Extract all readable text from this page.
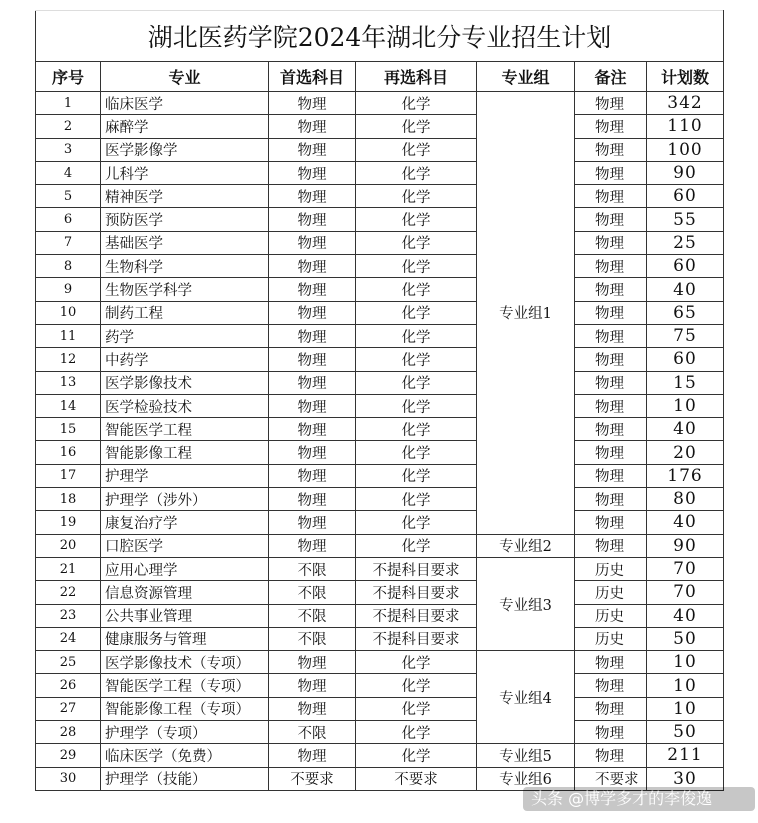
湖北医药学院2024年湖北分专业招生计划						
序号	专业	首选科目	再选科目	专业组	备注	计划数
1	临床医学	物理	化学	专业组1	物理	342
2	麻醉学	物理	化学		物理	110
3	医学影像学	物理	化学		物理	100
4	儿科学	物理	化学		物理	90
5	精神医学	物理	化学		物理	60
6	预防医学	物理	化学		物理	55
7	基础医学	物理	化学		物理	25
8	生物科学	物理	化学		物理	60
9	生物医学科学	物理	化学		物理	40
10	制药工程	物理	化学		物理	65
11	药学	物理	化学		物理	75
12	中药学	物理	化学		物理	60
13	医学影像技术	物理	化学		物理	15
14	医学检验技术	物理	化学		物理	10
15	智能医学工程	物理	化学		物理	40
16	智能影像工程	物理	化学		物理	20
17	护理学	物理	化学		物理	176
18	护理学（涉外）	物理	化学		物理	80
19	康复治疗学	物理	化学		物理	40
20	口腔医学	物理	化学	专业组2	物理	90
21	应用心理学	不限	不提科目要求	专业组3	历史	70
22	信息资源管理	不限	不提科目要求		历史	70
23	公共事业管理	不限	不提科目要求		历史	40
24	健康服务与管理	不限	不提科目要求		历史	50
25	医学影像技术（专项）	物理	化学	专业组4	物理	10
26	智能医学工程（专项）	物理	化学		物理	10
27	智能影像工程（专项）	物理	化学		物理	10
28	护理学（专项）	不限	化学		物理	50
29	临床医学（免费）	物理	化学	专业组5	物理	211
30	护理学（技能）	不要求	不要求	专业组6	不要求	30
头条 @博学多才的李俊逸
